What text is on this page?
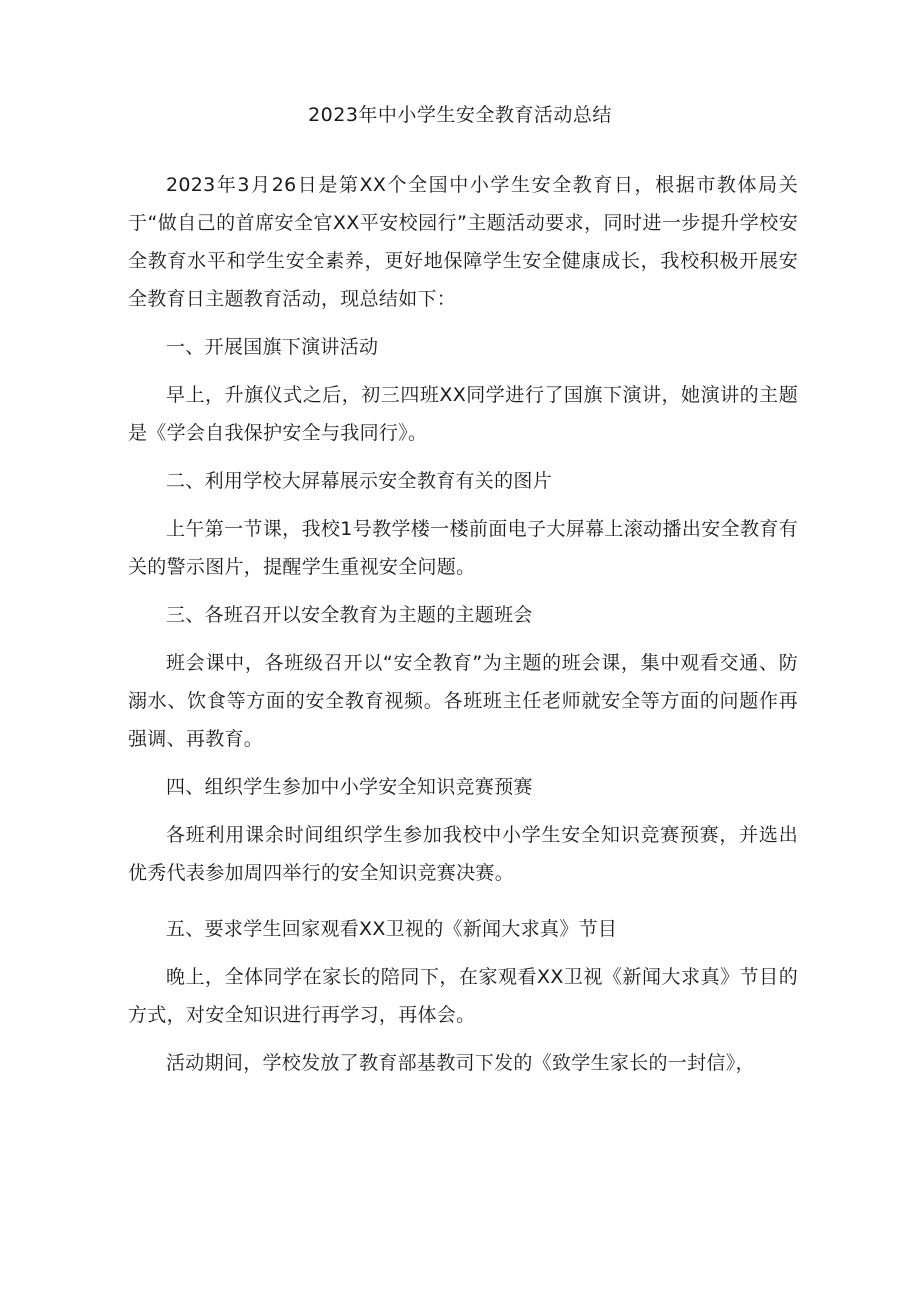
2023年中小学生安全教育活动总结

2023年3月26日是第XX个全国中小学生安全教育日，根据市教体局关于“做自己的首席安全官XX平安校园行”主题活动要求，同时进一步提升学校安全教育水平和学生安全素养，更好地保障学生安全健康成长，我校积极开展安全教育日主题教育活动，现总结如下：

一、开展国旗下演讲活动

早上，升旗仪式之后，初三四班XX同学进行了国旗下演讲，她演讲的主题是《学会自我保护安全与我同行》。

二、利用学校大屏幕展示安全教育有关的图片

上午第一节课，我校1号教学楼一楼前面电子大屏幕上滚动播出安全教育有关的警示图片，提醒学生重视安全问题。

三、各班召开以安全教育为主题的主题班会

班会课中，各班级召开以“安全教育”为主题的班会课，集中观看交通、防溺水、饮食等方面的安全教育视频。各班班主任老师就安全等方面的问题作再强调、再教育。

四、组织学生参加中小学安全知识竞赛预赛

各班利用课余时间组织学生参加我校中小学生安全知识竞赛预赛，并选出优秀代表参加周四举行的安全知识竞赛决赛。

五、要求学生回家观看XX卫视的《新闻大求真》节目

晚上，全体同学在家长的陪同下，在家观看XX卫视《新闻大求真》节目的方式，对安全知识进行再学习，再体会。

活动期间，学校发放了教育部基教司下发的《致学生家长的一封信》，
